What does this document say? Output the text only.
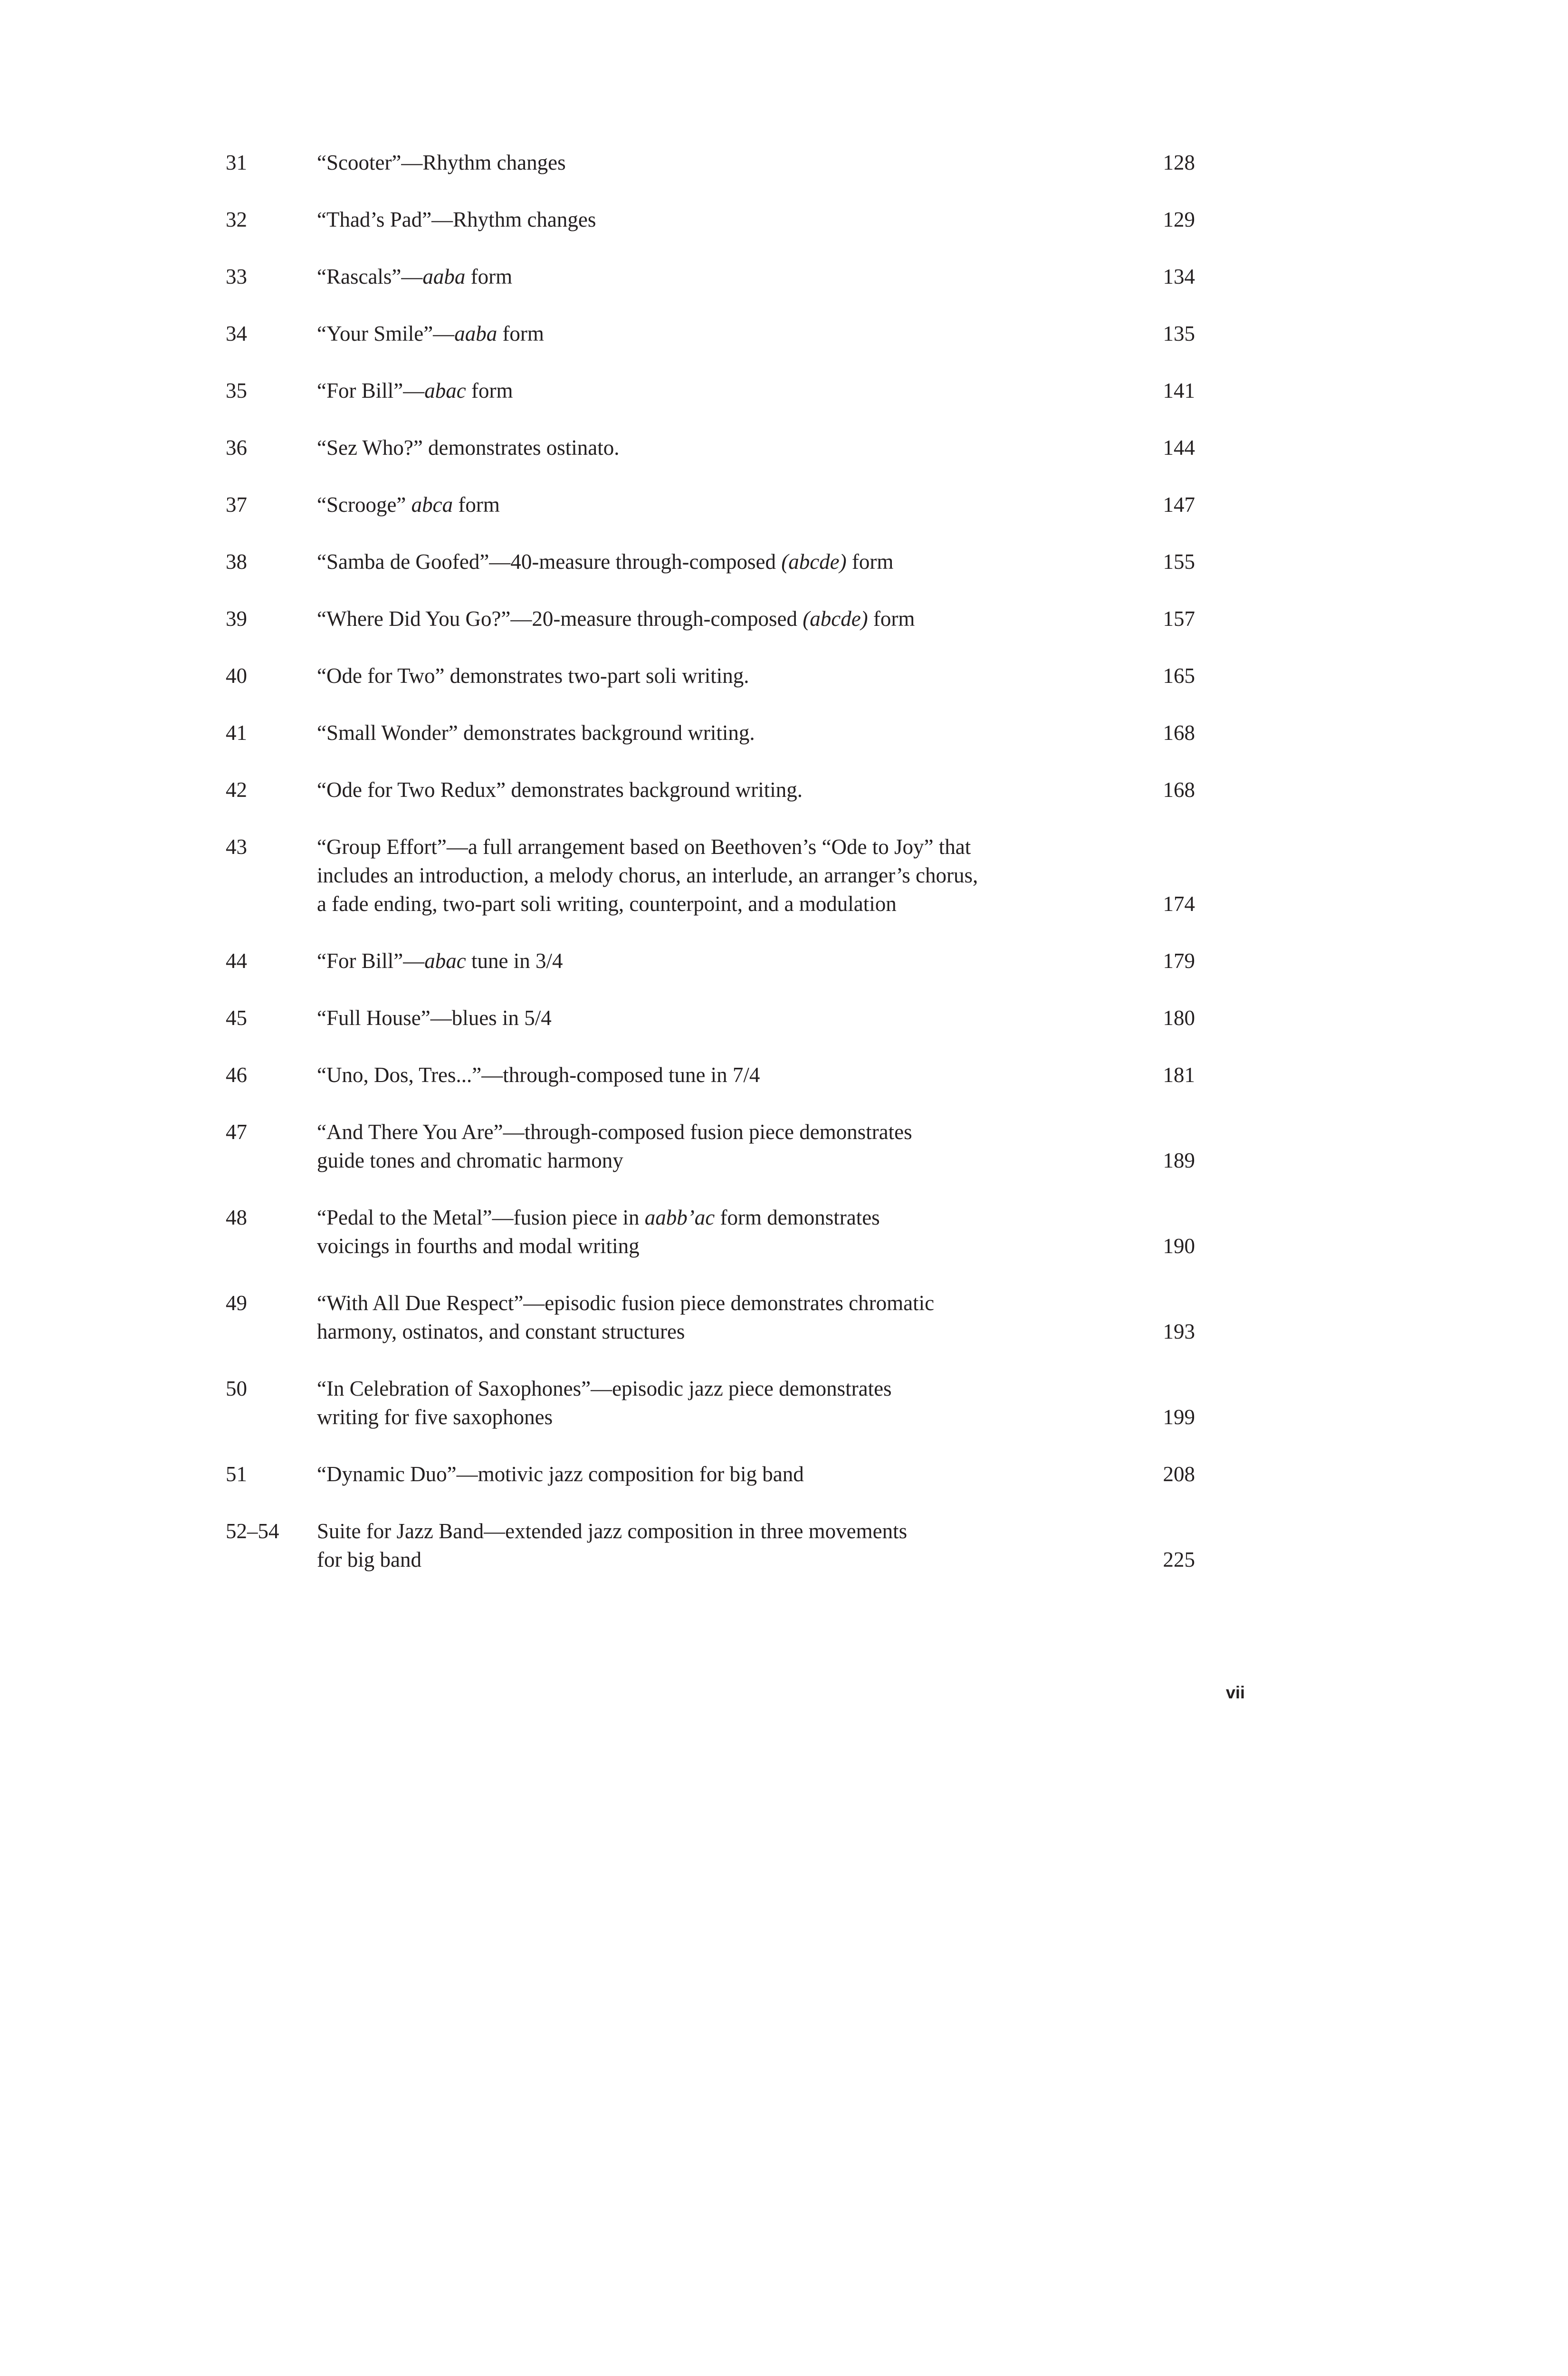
31	“Scooter”—Rhythm changes	128
32	“Thad’s Pad”—Rhythm changes	129
33	“Rascals”—aaba form	134
34	“Your Smile”—aaba form	135
35	“For Bill”—abac form	141
36	“Sez Who?” demonstrates ostinato.	144
37	“Scrooge” abca form	147
38	“Samba de Goofed”—40-measure through-composed (abcde) form	155
39	“Where Did You Go?”—20-measure through-composed (abcde) form	157
40	“Ode for Two” demonstrates two-part soli writing.	165
41	“Small Wonder” demonstrates background writing.	168
42	“Ode for Two Redux” demonstrates background writing.	168
43	“Group Effort”—a full arrangement based on Beethoven’s “Ode to Joy” that
includes an introduction, a melody chorus, an interlude, an arranger’s chorus,
a fade ending, two-part soli writing, counterpoint, and a modulation	174
44	“For Bill”—abac tune in 3/4	179
45	“Full House”—blues in 5/4	180
46	“Uno, Dos, Tres...”—through-composed tune in 7/4	181
47	“And There You Are”—through-composed fusion piece demonstrates
guide tones and chromatic harmony	189
48	“Pedal to the Metal”—fusion piece in aabb’ac form demonstrates
voicings in fourths and modal writing	190
49	“With All Due Respect”—episodic fusion piece demonstrates chromatic
harmony, ostinatos, and constant structures	193
50	“In Celebration of Saxophones”—episodic jazz piece demonstrates
writing for five saxophones	199
51	“Dynamic Duo”—motivic jazz composition for big band	208
52–54	Suite for Jazz Band—extended jazz composition in three movements
for big band	225
vii
